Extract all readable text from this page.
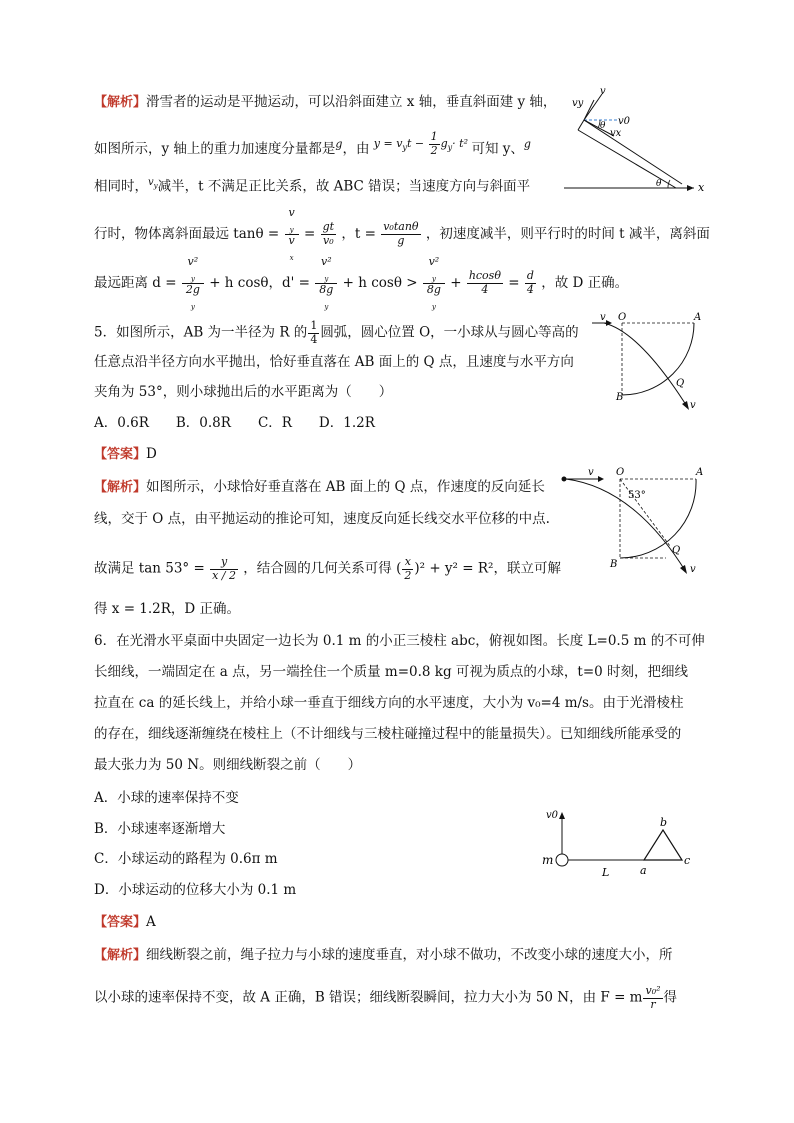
【解析】滑雪者的运动是平抛运动，可以沿斜面建立 x 轴，垂直斜面建 y 轴，
如图所示，y 轴上的重力加速度分量都是$^g$，由 $^{y = v_yt - \frac{1}{2} g_y\cdot t^2}$ 可知 y、$^g$
相同时，$^{v_y}$减半，t 不满足正比关系，故 ABC 错误；当速度方向与斜面平
行时，物体离斜面最远 tanθ = v
$_y$
v
$_x = \frac{gt}{\text{v₀}}$ ，$t = \frac{\text{v₀tanθ}}{g}$ ，初速度减半，则平行时的时间 t 减半，离斜面
最远距离 d = v²
$_y$
2g
$_y$ + h cosθ，d' = v²
$_y$
8g
$_y$ + h cosθ > v²
$_y$
8g
$_y + \frac{hcos\theta}{4} = \frac{d}{4}$ ，故 D 正确。
vy
v
v0
vx
θ
θ	x
5．如图所示，AB 为一半径为 R 的 $\frac{1}{4}$ 圆弧，圆心位置 O，一小球从与圆心等高的
任意点沿半径方向水平抛出，恰好垂直落在 AB 面上的 Q 点，且速度与水平方向
夹角为 53°，则小球抛出后的水平距离为（　　）
A．0.6R　　B．0.8R　　C．R　　D．1.2R
【答案】D
【解析】如图所示，小球恰好垂直落在 AB 面上的 Q 点，作速度的反向延长
线，交于 O 点，由平抛运动的推论可知，速度反向延长线交水平位移的中点.
故满足 $\tan 53^\circ = \frac{y}{x / 2}$ ，结合圆的几何关系可得 ( $\frac{x}{2} )^2 + y^2 = R^2$，联立可解
得 x = 1.2R，D 正确。
v O	A
B
Q
v
v O	A
B
Q
v
53°
6．在光滑水平桌面中央固定一边长为 0.1 m 的小正三棱柱 abc，俯视如图。长度 L=0.5 m 的不可伸
长细线，一端固定在 a 点，另一端拴住一个质量 m=0.8 kg 可视为质点的小球，t=0 时刻，把细线
拉直在 ca 的延长线上，并给小球一垂直于细线方向的水平速度，大小为 v₀=4 m/s。由于光滑棱柱
的存在，细线逐渐缠绕在棱柱上（不计细线与三棱柱碰撞过程中的能量损失）。已知细线所能承受的
最大张力为 50 N。则细线断裂之前（　　）
A．小球的速率保持不变
B．小球速率逐渐增大
C．小球运动的路程为 0.6π m
D．小球运动的位移大小为 0.1 m
【答案】A
【解析】细线断裂之前，绳子拉力与小球的速度垂直，对小球不做功，不改变小球的速度大小，所
以小球的速率保持不变，故 A 正确，B 错误；细线断裂瞬间，拉力大小为 50 N，由 F = m $\frac{\text{v₀²}}{r}$ 得
v0
m
L	a
b
c
